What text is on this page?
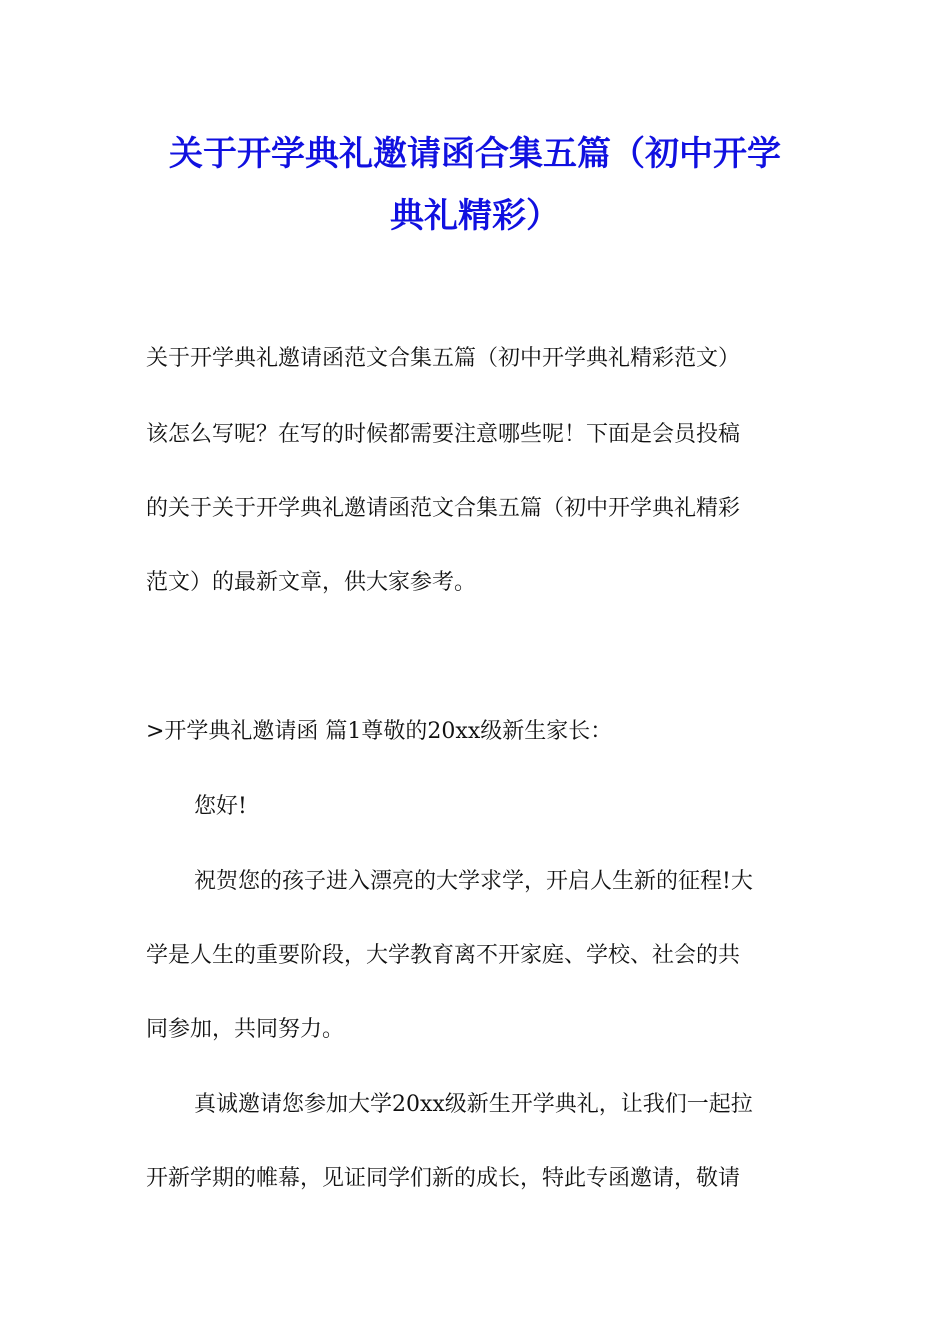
关于开学典礼邀请函合集五篇（初中开学
典礼精彩）
关于开学典礼邀请函范文合集五篇（初中开学典礼精彩范文）
该怎么写呢？在写的时候都需要注意哪些呢！下面是会员投稿
的关于关于开学典礼邀请函范文合集五篇（初中开学典礼精彩
范文）的最新文章，供大家参考。
>开学典礼邀请函 篇1尊敬的20xx级新生家长：
您好!
祝贺您的孩子进入漂亮的大学求学，开启人生新的征程!大
学是人生的重要阶段，大学教育离不开家庭、学校、社会的共
同参加，共同努力。
真诚邀请您参加大学20xx级新生开学典礼，让我们一起拉
开新学期的帷幕，见证同学们新的成长，特此专函邀请，敬请
